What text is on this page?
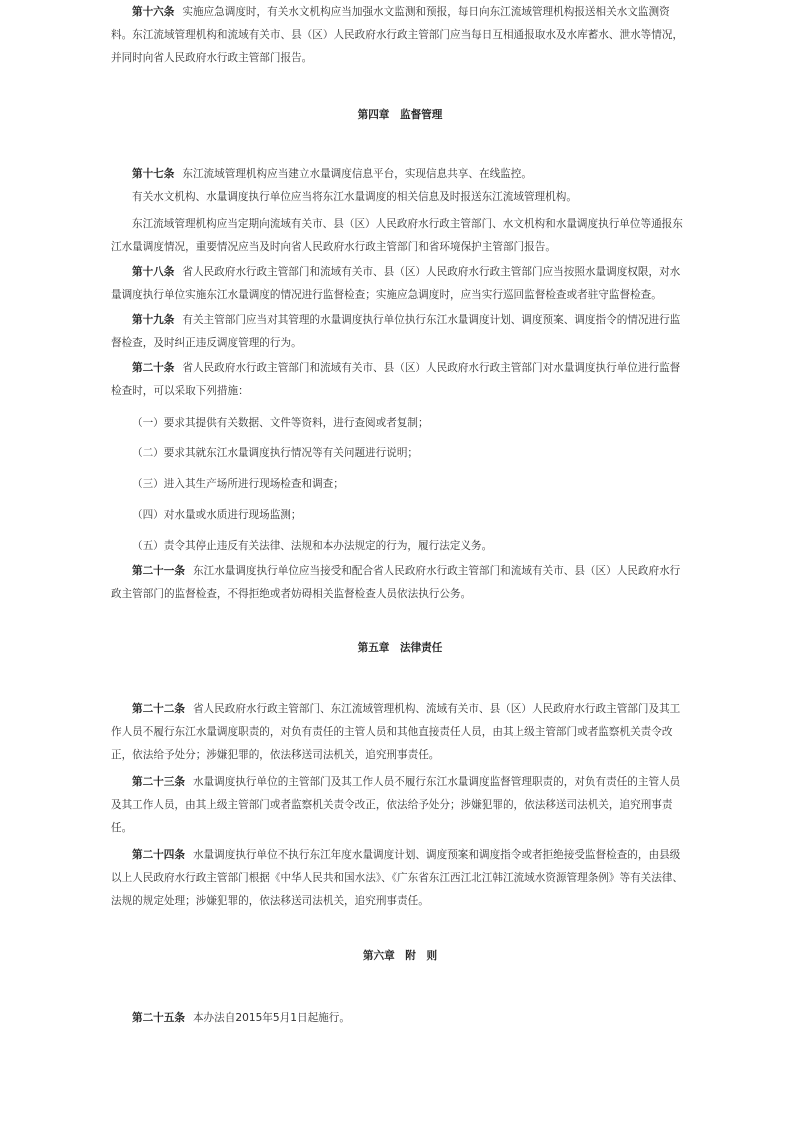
第十六条 实施应急调度时，有关水文机构应当加强水文监测和预报，每日向东江流域管理机构报送相关水文监测资料。东江流域管理机构和流域有关市、县（区）人民政府水行政主管部门应当每日互相通报取水及水库蓄水、泄水等情况，并同时向省人民政府水行政主管部门报告。

第四章　监督管理

第十七条 东江流域管理机构应当建立水量调度信息平台，实现信息共享、在线监控。

有关水文机构、水量调度执行单位应当将东江水量调度的相关信息及时报送东江流域管理机构。

东江流域管理机构应当定期向流域有关市、县（区）人民政府水行政主管部门、水文机构和水量调度执行单位等通报东江水量调度情况，重要情况应当及时向省人民政府水行政主管部门和省环境保护主管部门报告。

第十八条 省人民政府水行政主管部门和流域有关市、县（区）人民政府水行政主管部门应当按照水量调度权限，对水量调度执行单位实施东江水量调度的情况进行监督检查；实施应急调度时，应当实行巡回监督检查或者驻守监督检查。

第十九条 有关主管部门应当对其管理的水量调度执行单位执行东江水量调度计划、调度预案、调度指令的情况进行监督检查，及时纠正违反调度管理的行为。

第二十条 省人民政府水行政主管部门和流域有关市、县（区）人民政府水行政主管部门对水量调度执行单位进行监督检查时，可以采取下列措施：

（一）要求其提供有关数据、文件等资料，进行查阅或者复制；

（二）要求其就东江水量调度执行情况等有关问题进行说明；

（三）进入其生产场所进行现场检查和调查；

（四）对水量或水质进行现场监测；

（五）责令其停止违反有关法律、法规和本办法规定的行为，履行法定义务。

第二十一条 东江水量调度执行单位应当接受和配合省人民政府水行政主管部门和流域有关市、县（区）人民政府水行政主管部门的监督检查，不得拒绝或者妨碍相关监督检查人员依法执行公务。

第五章　法律责任

第二十二条 省人民政府水行政主管部门、东江流域管理机构、流域有关市、县（区）人民政府水行政主管部门及其工作人员不履行东江水量调度职责的，对负有责任的主管人员和其他直接责任人员，由其上级主管部门或者监察机关责令改正，依法给予处分；涉嫌犯罪的，依法移送司法机关，追究刑事责任。

第二十三条 水量调度执行单位的主管部门及其工作人员不履行东江水量调度监督管理职责的，对负有责任的主管人员及其工作人员，由其上级主管部门或者监察机关责令改正，依法给予处分；涉嫌犯罪的，依法移送司法机关，追究刑事责任。

第二十四条 水量调度执行单位不执行东江年度水量调度计划、调度预案和调度指令或者拒绝接受监督检查的，由县级以上人民政府水行政主管部门根据《中华人民共和国水法》、《广东省东江西江北江韩江流域水资源管理条例》等有关法律、法规的规定处理；涉嫌犯罪的，依法移送司法机关，追究刑事责任。

第六章　附　则

第二十五条 本办法自2015年5月1日起施行。
